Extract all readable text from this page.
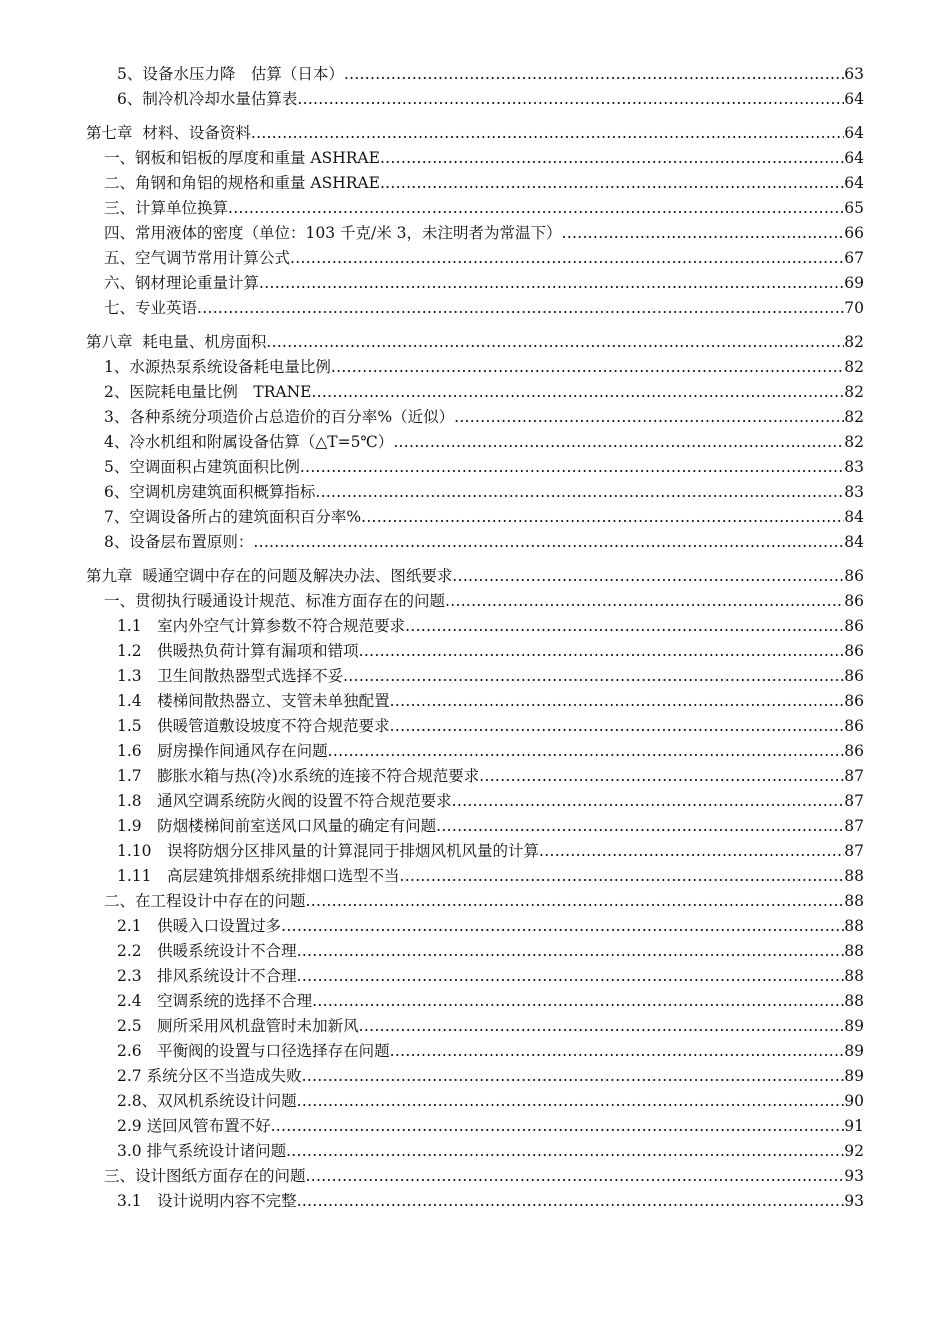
5、设备水压力降　估算（日本） .....	63
6、制冷机冷却水量估算表 .....	64
第七章  材料、设备资料 .....	64
一、钢板和铝板的厚度和重量 ASHRAE .....	64
二、角钢和角铝的规格和重量 ASHRAE .....	64
三、计算单位换算 .....	65
四、常用液体的密度（单位：103 千克/米 3，未注明者为常温下） .....	66
五、空气调节常用计算公式 .....	67
六、钢材理论重量计算 .....	69
七、专业英语 .....	70
第八章  耗电量、机房面积 .....	82
1、水源热泵系统设备耗电量比例 .....	82
2、医院耗电量比例　TRANE .....	82
3、各种系统分项造价占总造价的百分率%（近似） .....	82
4、冷水机组和附属设备估算（△T=5℃） .....	82
5、空调面积占建筑面积比例 .....	83
6、空调机房建筑面积概算指标 .....	83
7、空调设备所占的建筑面积百分率% .....	84
8、设备层布置原则： .....	84
第九章  暖通空调中存在的问题及解决办法、图纸要求 .....	86
一、贯彻执行暖通设计规范、标准方面存在的问题 .....	86
1.1　室内外空气计算参数不符合规范要求 .....	86
1.2　供暖热负荷计算有漏项和错项 .....	86
1.3　卫生间散热器型式选择不妥 .....	86
1.4　楼梯间散热器立、支管未单独配置 .....	86
1.5　供暖管道敷设坡度不符合规范要求 .....	86
1.6　厨房操作间通风存在问题 .....	86
1.7　膨胀水箱与热(冷)水系统的连接不符合规范要求 .....	87
1.8　通风空调系统防火阀的设置不符合规范要求 .....	87
1.9　防烟楼梯间前室送风口风量的确定有问题 .....	87
1.10　误将防烟分区排风量的计算混同于排烟风机风量的计算 .....	87
1.11　高层建筑排烟系统排烟口选型不当 .....	88
二、在工程设计中存在的问题 .....	88
2.1　供暖入口设置过多 .....	88
2.2　供暖系统设计不合理 .....	88
2.3　排风系统设计不合理 .....	88
2.4　空调系统的选择不合理 .....	88
2.5　厕所采用风机盘管时未加新风 .....	89
2.6　平衡阀的设置与口径选择存在问题 .....	89
2.7 系统分区不当造成失败 .....	89
2.8、双风机系统设计问题 .....	90
2.9 送回风管布置不好 .....	91
3.0 排气系统设计诸问题 .....	92
三、设计图纸方面存在的问题 .....	93
3.1　设计说明内容不完整 .....	93
